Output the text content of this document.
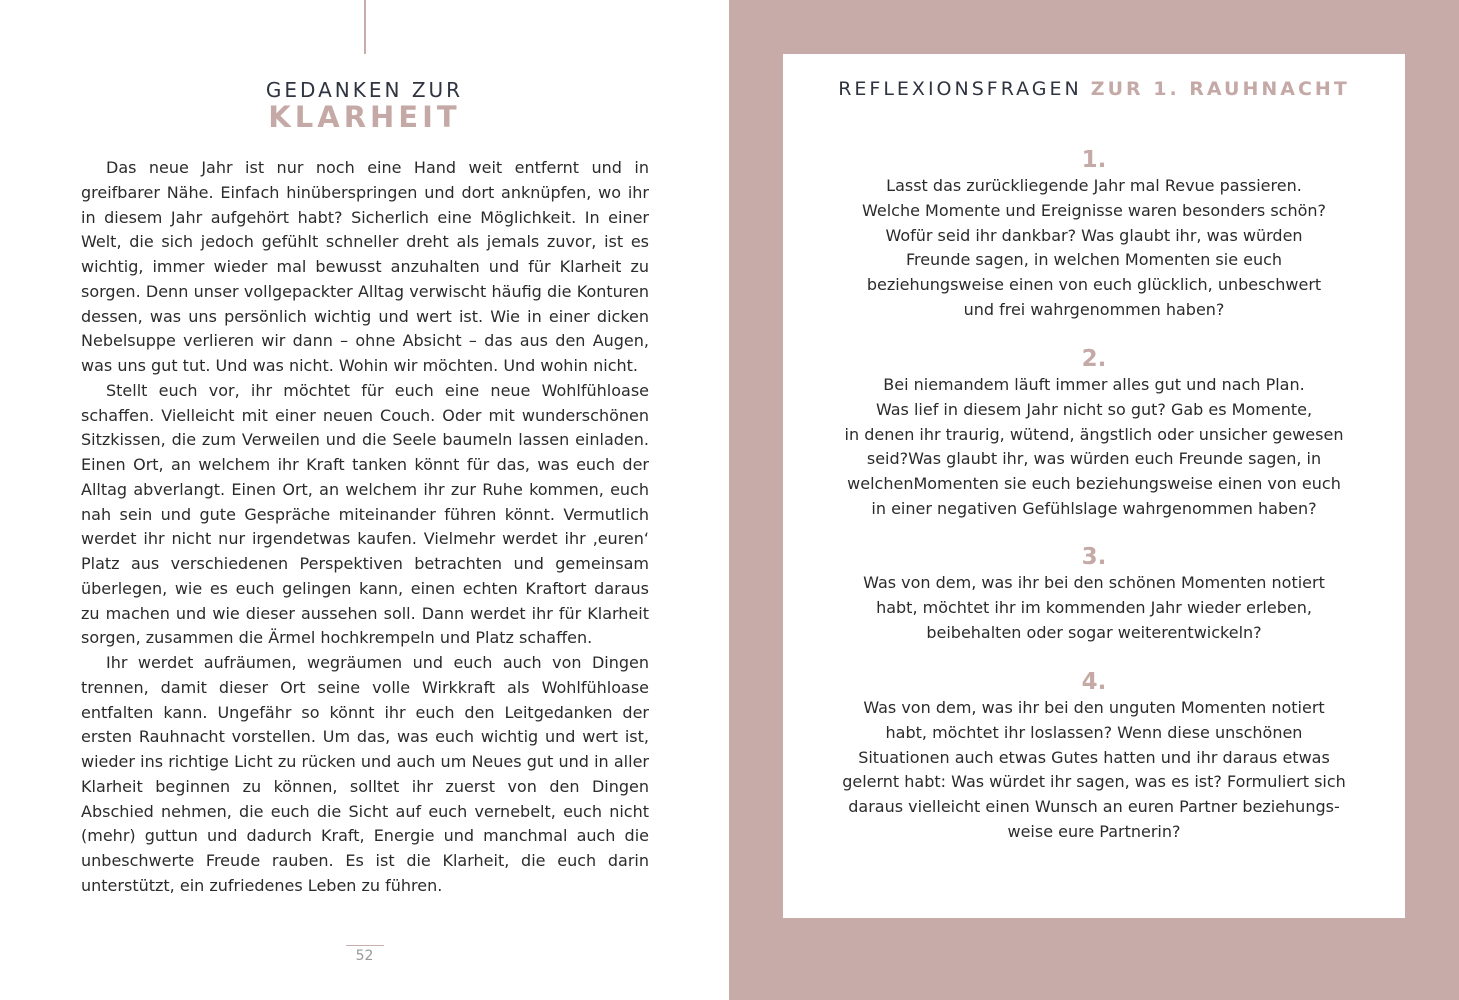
GEDANKEN ZUR
KLARHEIT

Das neue Jahr ist nur noch eine Hand weit entfernt und in greifbarer Nähe. Einfach hinüberspringen und dort anknüpfen, wo ihr in diesem Jahr aufgehört habt? Sicherlich eine Möglichkeit. In einer Welt, die sich jedoch gefühlt schneller dreht als jemals zuvor, ist es wichtig, immer wieder mal bewusst anzuhalten und für Klarheit zu sorgen. Denn unser vollgepackter Alltag verwischt häufig die Konturen dessen, was uns persönlich wichtig und wert ist. Wie in einer dicken Nebelsuppe verlieren wir dann – ohne Absicht – das aus den Augen, was uns gut tut. Und was nicht. Wohin wir möchten. Und wohin nicht.

Stellt euch vor, ihr möchtet für euch eine neue Wohlfühloase schaffen. Vielleicht mit einer neuen Couch. Oder mit wunderschönen Sitzkissen, die zum Verweilen und die Seele baumeln lassen einladen. Einen Ort, an welchem ihr Kraft tanken könnt für das, was euch der Alltag abverlangt. Einen Ort, an welchem ihr zur Ruhe kommen, euch nah sein und gute Gespräche miteinander führen könnt. Vermutlich werdet ihr nicht nur irgendetwas kaufen. Vielmehr werdet ihr ‚euren‘ Platz aus verschiedenen Perspektiven betrachten und gemeinsam überlegen, wie es euch gelingen kann, einen echten Kraftort daraus zu machen und wie dieser aussehen soll. Dann werdet ihr für Klarheit sorgen, zusammen die Ärmel hochkrempeln und Platz schaffen.

Ihr werdet aufräumen, wegräumen und euch auch von Dingen trennen, damit dieser Ort seine volle Wirkkraft als Wohlfühloase entfalten kann. Ungefähr so könnt ihr euch den Leitgedanken der ersten Rauhnacht vorstellen. Um das, was euch wichtig und wert ist, wieder ins richtige Licht zu rücken und auch um Neues gut und in aller Klarheit beginnen zu können, solltet ihr zuerst von den Dingen Abschied nehmen, die euch die Sicht auf euch vernebelt, euch nicht (mehr) guttun und dadurch Kraft, Energie und manchmal auch die unbeschwerte Freude rauben. Es ist die Klarheit, die euch darin unterstützt, ein zufriedenes Leben zu führen.

52
REFLEXIONSFRAGEN ZUR 1. RAUHNACHT
1.
Lasst das zurückliegende Jahr mal Revue passieren.
Welche Momente und Ereignisse waren besonders schön?
Wofür seid ihr dankbar? Was glaubt ihr, was würden
Freunde sagen, in welchen Momenten sie euch
beziehungsweise einen von euch glücklich, unbeschwert
und frei wahrgenommen haben?
2.
Bei niemandem läuft immer alles gut und nach Plan.
Was lief in diesem Jahr nicht so gut? Gab es Momente,
in denen ihr traurig, wütend, ängstlich oder unsicher gewesen
seid?Was glaubt ihr, was würden euch Freunde sagen, in
welchenMomenten sie euch beziehungsweise einen von euch
in einer negativen Gefühlslage wahrgenommen haben?
3.
Was von dem, was ihr bei den schönen Momenten notiert
habt, möchtet ihr im kommenden Jahr wieder erleben,
beibehalten oder sogar weiterentwickeln?
4.
Was von dem, was ihr bei den unguten Momenten notiert
habt, möchtet ihr loslassen? Wenn diese unschönen
Situationen auch etwas Gutes hatten und ihr daraus etwas
gelernt habt: Was würdet ihr sagen, was es ist? Formuliert sich
daraus vielleicht einen Wunsch an euren Partner beziehungs-
weise eure Partnerin?
